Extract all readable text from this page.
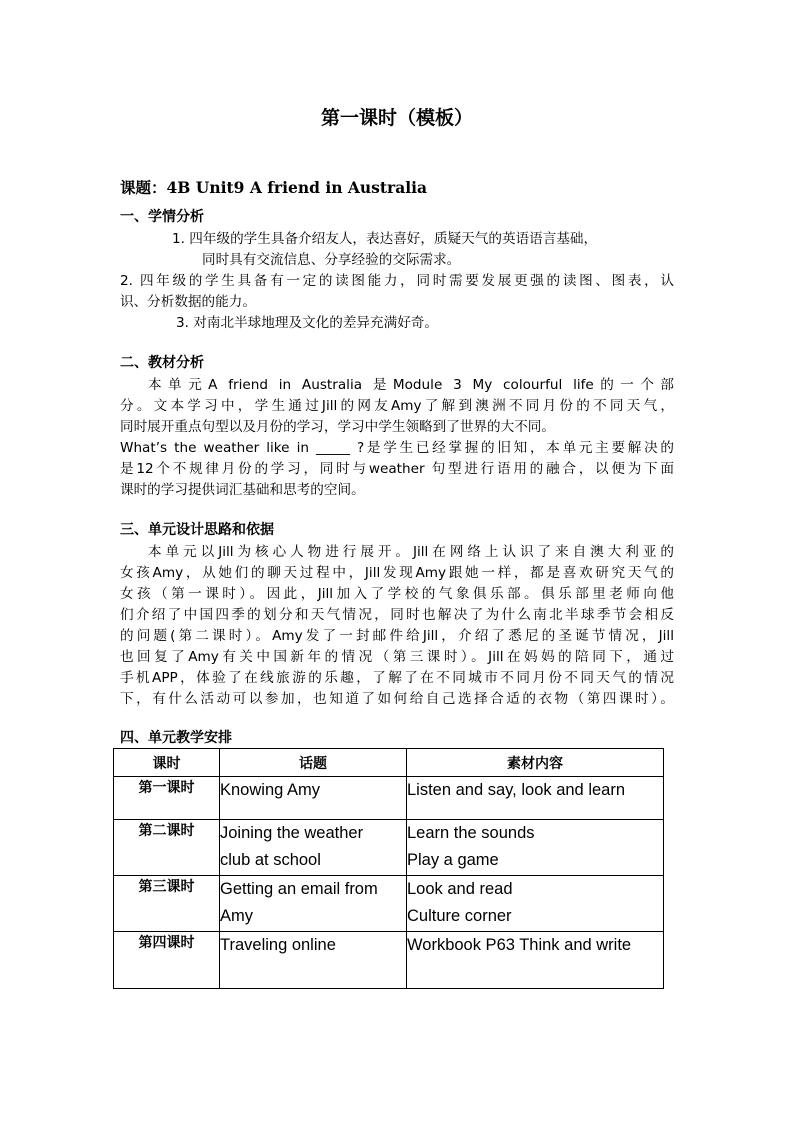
第一课时（模板）
课题：4B Unit9 A friend in Australia
一、学情分析
1. 四年级的学生具备介绍友人，表达喜好，质疑天气的英语语言基础，
同时具有交流信息、分享经验的交际需求。
2. 四年级的学生具备有一定的读图能力，同时需要发展更强的读图、图表，认
识、分析数据的能力。
3. 对南北半球地理及文化的差异充满好奇。
二、教材分析
本单元A friend in Australia 是Module 3 My colourful life的一个部
分。文本学习中，学生通过Jill的网友Amy了解到澳洲不同月份的不同天气，
同时展开重点句型以及月份的学习，学习中学生领略到了世界的大不同。
What’s the weather like in _____ ?是学生已经掌握的旧知，本单元主要解决的
是12个不规律月份的学习，同时与weather 句型进行语用的融合，以便为下面
课时的学习提供词汇基础和思考的空间。
三、单元设计思路和依据
本单元以Jill为核心人物进行展开。Jill在网络上认识了来自澳大利亚的
女孩Amy，从她们的聊天过程中，Jill发现Amy跟她一样，都是喜欢研究天气的
女孩（第一课时）。因此，Jill加入了学校的气象俱乐部。俱乐部里老师向他
们介绍了中国四季的划分和天气情况，同时也解决了为什么南北半球季节会相反
的问题(第二课时）。Amy发了一封邮件给Jill，介绍了悉尼的圣诞节情况，Jill
也回复了Amy有关中国新年的情况（第三课时）。Jill在妈妈的陪同下，通过
手机APP，体验了在线旅游的乐趣，了解了在不同城市不同月份不同天气的情况
下，有什么活动可以参加，也知道了如何给自己选择合适的衣物（第四课时）。
四、单元教学安排
课时	话题	素材内容
第一课时	Knowing Amy	Listen and say, look and learn

第二课时	Joining the weather
club at school	Learn the sounds
Play a game

第三课时	Getting an email from
Amy	Look and read
Culture corner

第四课时	Traveling online	Workbook P63 Think and write
